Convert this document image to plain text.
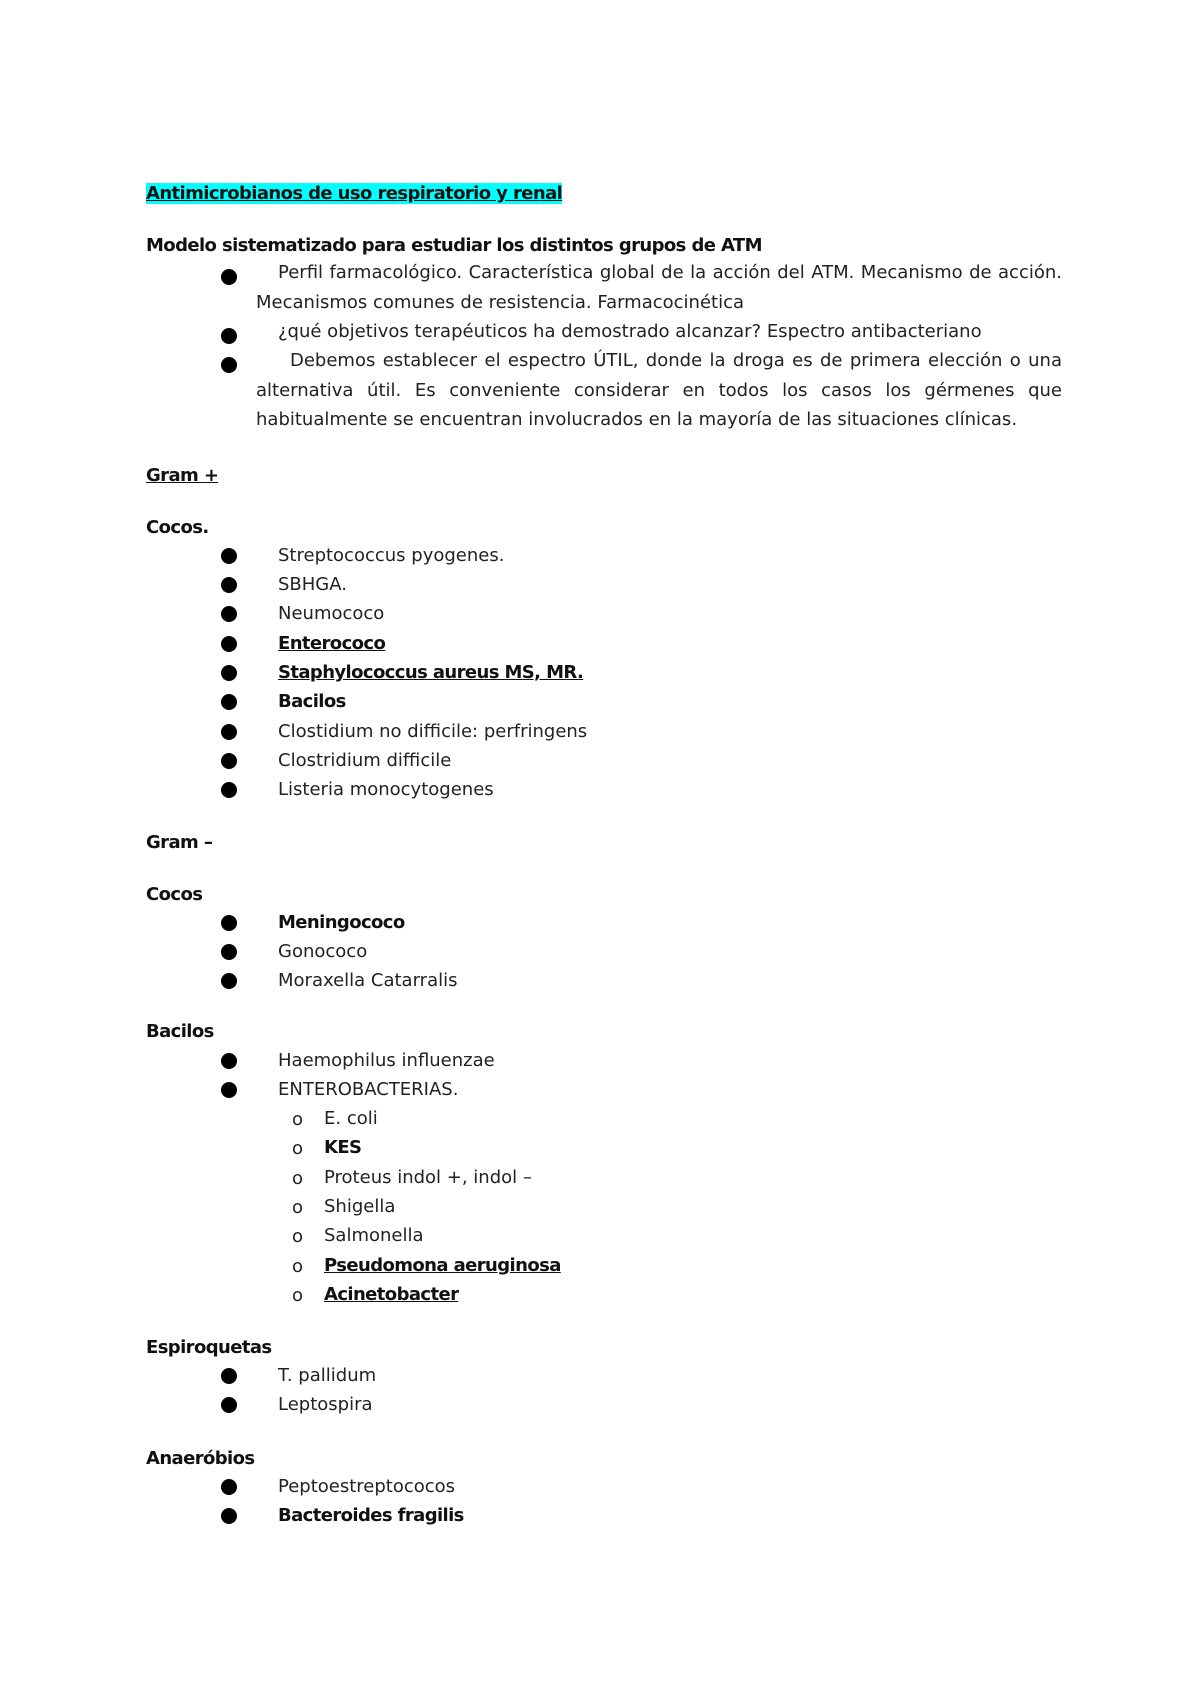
Antimicrobianos de uso respiratorio y renal
Modelo sistematizado para estudiar los distintos grupos de ATM

Perfil farmacológico. Característica global de la acción del ATM. Mecanismo de acción. Mecanismos comunes de resistencia. Farmacocinética

¿qué objetivos terapéuticos ha demostrado alcanzar? Espectro antibacteriano

Debemos establecer el espectro ÚTIL, donde la droga es de primera elección o una alternativa útil. Es conveniente considerar en todos los casos los gérmenes que habitualmente se encuentran involucrados en la mayoría de las situaciones clínicas.

Gram +
Cocos.
Streptococcus pyogenes.
SBHGA.
Neumococo
Enterococo
Staphylococcus aureus MS, MR.
Bacilos
Clostidium no difficile: perfringens
Clostridium difficile
Listeria monocytogenes
Gram –
Cocos
Meningococo
Gonococo
Moraxella Catarralis
Bacilos
Haemophilus influenzae
ENTEROBACTERIAS.
o E. coli
o KES
o Proteus indol +, indol –
o Shigella
o Salmonella
o Pseudomona aeruginosa
o Acinetobacter
Espiroquetas
T. pallidum
Leptospira
Anaeróbios
Peptoestreptococos
Bacteroides fragilis
